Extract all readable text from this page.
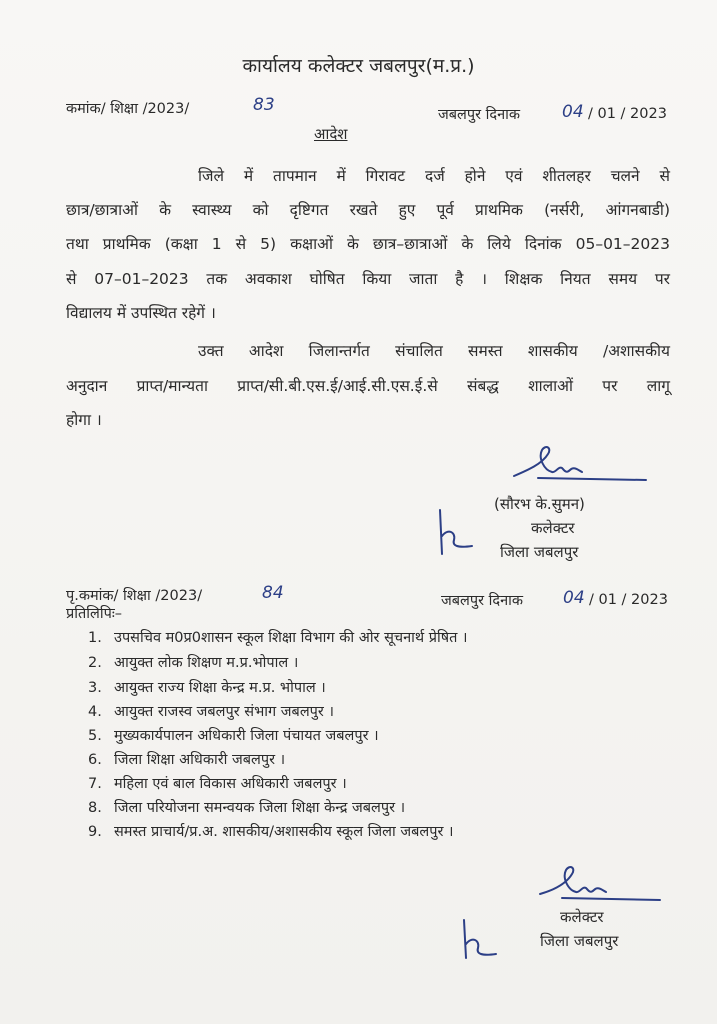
कार्यालय कलेक्टर जबलपुर(म.प्र.)
कमांक/ शिक्षा /2023/	83	जबलपुर दिनाक 04 / 01 / 2023
आदेश
जिले में तापमान में गिरावट दर्ज होने एवं शीतलहर चलने से
छात्र/छात्राओं के स्वास्थ्य को दृष्टिगत रखते हुए पूर्व प्राथमिक (नर्सरी, आंगनबाडी)
तथा प्राथमिक (कक्षा 1 से 5) कक्षाओं के छात्र–छात्राओं के लिये दिनांक 05–01–2023
से 07–01–2023 तक अवकाश घोषित किया जाता है । शिक्षक नियत समय पर
विद्यालय में उपस्थित रहेगें ।
उक्त आदेश जिलान्तर्गत संचालित समस्त शासकीय /अशासकीय
अनुदान प्राप्त/मान्यता प्राप्त/सी.बी.एस.ई/आई.सी.एस.ई.से संबद्ध शालाओं पर लागू
होगा ।
(सौरभ के.सुमन)
कलेक्टर
जिला जबलपुर
पृ.कमांक/ शिक्षा /2023/	84	जबलपुर दिनाक 04 / 01 / 2023
प्रतिलिपिः–
1. उपसचिव म0प्र0शासन स्कूल शिक्षा विभाग की ओर सूचनार्थ प्रेषित ।
2. आयुक्त लोक शिक्षण म.प्र.भोपाल ।
3. आयुक्त राज्य शिक्षा केन्द्र म.प्र. भोपाल ।
4. आयुक्त राजस्व जबलपुर संभाग जबलपुर ।
5. मुख्यकार्यपालन अधिकारी जिला पंचायत जबलपुर ।
6. जिला शिक्षा अधिकारी जबलपुर ।
7. महिला एवं बाल विकास अधिकारी जबलपुर ।
8. जिला परियोजना समन्वयक जिला शिक्षा केन्द्र जबलपुर ।
9. समस्त प्राचार्य/प्र.अ. शासकीय/अशासकीय स्कूल जिला जबलपुर ।
कलेक्टर
जिला जबलपुर
